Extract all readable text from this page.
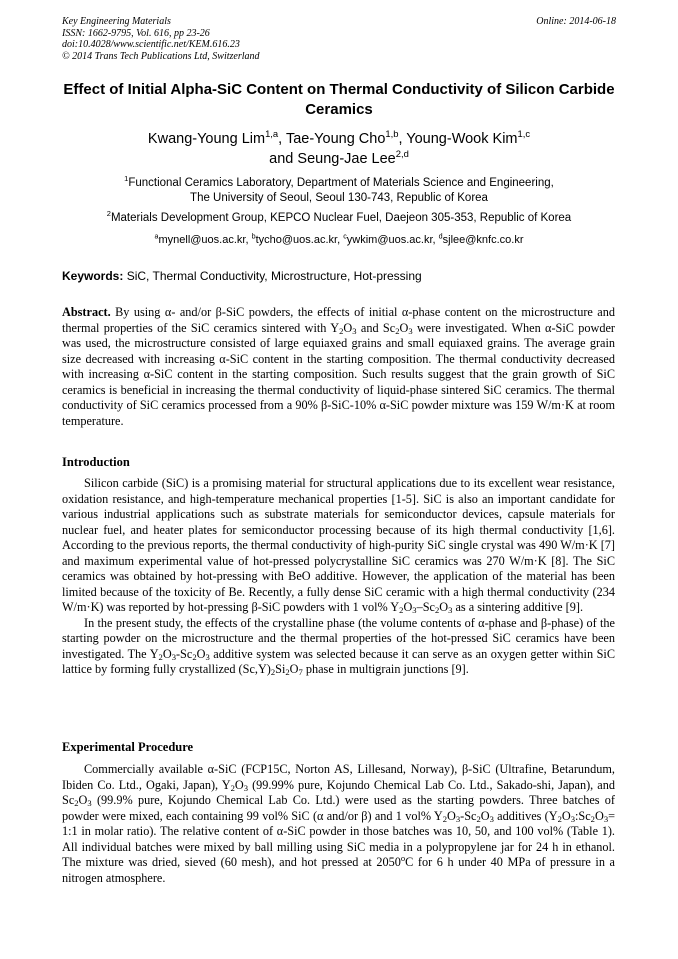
Key Engineering Materials
ISSN: 1662-9795, Vol. 616, pp 23-26
doi:10.4028/www.scientific.net/KEM.616.23
© 2014 Trans Tech Publications Ltd, Switzerland
Online: 2014-06-18
Effect of Initial Alpha-SiC Content on Thermal Conductivity of Silicon Carbide Ceramics
Kwang-Young Lim$^{1,a}$, Tae-Young Cho$^{1,b}$, Young-Wook Kim$^{1,c}$
and Seung-Jae Lee$^{2,d}$
$^1$Functional Ceramics Laboratory, Department of Materials Science and Engineering,
The University of Seoul, Seoul 130-743, Republic of Korea
$^2$Materials Development Group, KEPCO Nuclear Fuel, Daejeon 305-353, Republic of Korea
$^a$mynell@uos.ac.kr, $^b$tycho@uos.ac.kr, $^c$ywkim@uos.ac.kr, $^d$sjlee@knfc.co.kr
Keywords: SiC, Thermal Conductivity, Microstructure, Hot-pressing

Abstract. By using α- and/or β-SiC powders, the effects of initial α-phase content on the microstructure and thermal properties of the SiC ceramics sintered with $Y_2O_3$ and $Sc_2O_3$ were investigated. When α-SiC powder was used, the microstructure consisted of large equiaxed grains and small equiaxed grains. The average grain size decreased with increasing α-SiC content in the starting composition. The thermal conductivity decreased with increasing α-SiC content in the starting composition. Such results suggest that the grain growth of SiC ceramics is beneficial in increasing the thermal conductivity of liquid-phase sintered SiC ceramics. The thermal conductivity of SiC ceramics processed from a 90% β-SiC-10% α-SiC powder mixture was 159 W/m·K at room temperature.

Introduction

Silicon carbide (SiC) is a promising material for structural applications due to its excellent wear resistance, oxidation resistance, and high-temperature mechanical properties [1-5]. SiC is also an important candidate for various industrial applications such as substrate materials for semiconductor devices, capsule materials for nuclear fuel, and heater plates for semiconductor processing because of its high thermal conductivity [1,6]. According to the previous reports, the thermal conductivity of high-purity SiC single crystal was 490 W/m·K [7] and maximum experimental value of hot-pressed polycrystalline SiC ceramics was 270 W/m·K [8]. The SiC ceramics was obtained by hot-pressing with BeO additive. However, the application of the material has been limited because of the toxicity of Be. Recently, a fully dense SiC ceramic with a high thermal conductivity (234 W/m·K) was reported by hot-pressing β-SiC powders with 1 vol% $Y_2O_3-Sc_2O_3$ as a sintering additive [9].

In the present study, the effects of the crystalline phase (the volume contents of α-phase and β-phase) of the starting powder on the microstructure and the thermal properties of the hot-pressed SiC ceramics have been investigated. The $Y_2O_3-Sc_2O_3$ additive system was selected because it can serve as an oxygen getter within SiC lattice by forming fully crystallized $(Sc,Y)_2Si_2O_7$ phase in multigrain junctions [9].

Experimental Procedure

Commercially available α-SiC (FCP15C, Norton AS, Lillesand, Norway), β-SiC (Ultrafine, Betarundum, Ibiden Co. Ltd., Ogaki, Japan), $Y_2O_3$ (99.99% pure, Kojundo Chemical Lab Co. Ltd., Sakado-shi, Japan), and $Sc_2O_3$ (99.9% pure, Kojundo Chemical Lab Co. Ltd.) were used as the starting powders. Three batches of powder were mixed, each containing 99 vol% SiC (α and/or β) and 1 vol% $Y_2O_3-Sc_2O_3$ additives ($Y_2O_3:Sc_2O_3=$ 1:1 in molar ratio). The relative content of α-SiC powder in those batches was 10, 50, and 100 vol% (Table 1). All individual batches were mixed by ball milling using SiC media in a polypropylene jar for 24 h in ethanol. The mixture was dried, sieved (60 mesh), and hot pressed at 2050$^o$C for 6 h under 40 MPa of pressure in a nitrogen atmosphere.
